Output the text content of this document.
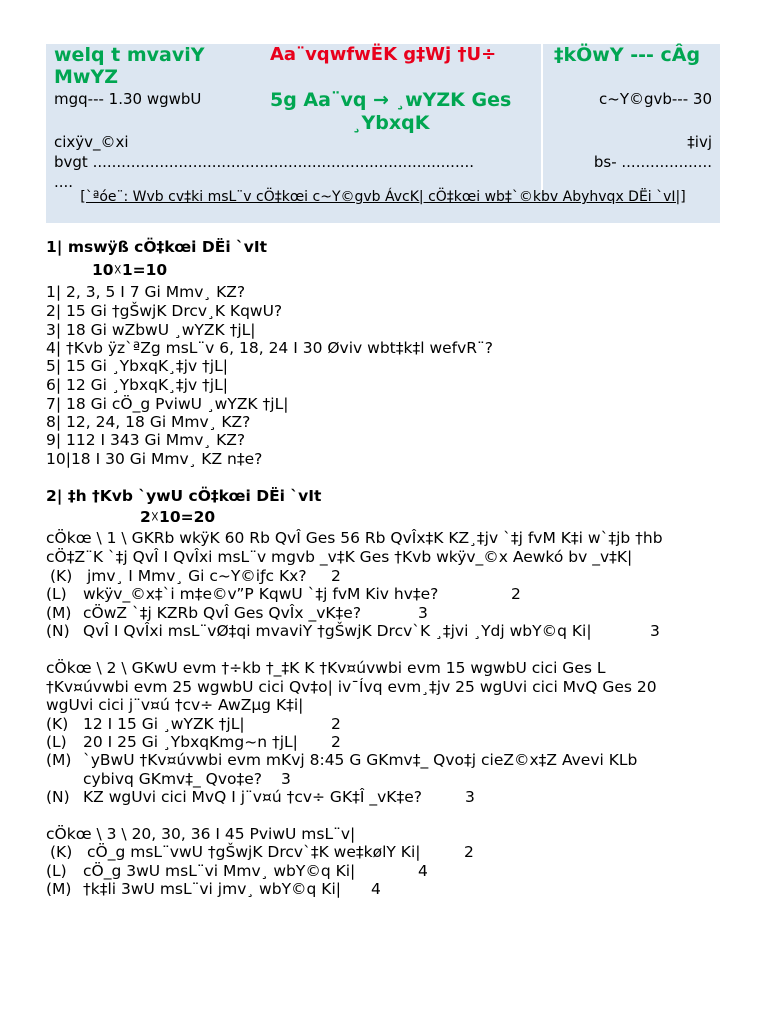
welq t mvaviY
MwYZ
Aa¨vqwfwËK g‡Wj †U÷	‡kÖwY --- cÂg
mgq--- 1.30 wgwbU	5g Aa¨vq → ¸wYZK Ges
¸YbxqK
c~Y©gvb--- 30
cixÿv_©xi	‡ivj
bvgt ................................................................................
....
bs- ...................
[`ªóe¨: Wvb cv‡ki msL¨v cÖ‡kœi c~Y©gvb ÁvcK| cÖ‡kœi wb‡`©kbv Abyhvqx DËi `vI|]
1| mswÿß cÖ‡kœi DËi `vIt
10☓1=10
1| 2, 3, 5 I 7 Gi Mmv¸ KZ?
2| 15 Gi †gŠwjK Drcv¸K KqwU?
3| 18 Gi wZbwU ¸wYZK †jL|
4| †Kvb ÿz`ªZg msL¨v 6, 18, 24 I 30 Øviv wbt‡k‡l wefvR¨?
5| 15 Gi ¸YbxqK¸‡jv †jL|
6| 12 Gi ¸YbxqK¸‡jv †jL|
7| 18 Gi cÖ_g PviwU ¸wYZK †jL|
8| 12, 24, 18 Gi Mmv¸ KZ?
9| 112 I 343 Gi Mmv¸ KZ?
10|18 I 30 Gi Mmv¸ KZ n‡e?
2| ‡h †Kvb `ywU cÖ‡kœi DËi `vIt
2☓10=20
cÖkœ \ 1 \ GKRb wkÿK 60 Rb QvÎ Ges 56 Rb QvÎx‡K KZ¸‡jv `‡j fvM K‡i w`‡jb †hb
cÖ‡Z¨K `‡j QvÎ I QvÎxi msL¨v mgvb _v‡K Ges †Kvb wkÿv_©x Aewkó bv _v‡K|
(K) jmv¸ I Mmv¸ Gi c~Y©iƒc Kx? 2
(L) wkÿv_©x‡`i m‡e©v”P KqwU `‡j fvM Kiv hv‡e?	2
(M) cÖwZ `‡j KZRb QvÎ Ges QvÎx _vK‡e?	3
(N) QvÎ I QvÎxi msL¨vØ‡qi mvaviY †gŠwjK Drcv`K ¸‡jvi ¸Ydj wbY©q Ki|	3
cÖkœ \ 2 \ GKwU evm †÷kb †_‡K K †Kv¤úvwbi evm 15 wgwbU cici Ges L
†Kv¤úvwbi evm 25 wgwbU cici Qv‡o| iv¯Ívq evm¸‡jv 25 wgUvi cici MvQ Ges 20
wgUvi cici j¨v¤ú †cv÷ AwZµg K‡i|
(K) 12 I 15 Gi ¸wYZK †jL|	2
(L) 20 I 25 Gi ¸YbxqKmg~n †jL| 2
(M) `yBwU †Kv¤úvwbi evm mKvj 8:45 G GKmv‡_ Qvo‡j cieZ©x‡Z Avevi KLb
cybivq GKmv‡_ Qvo‡e? 3
(N) KZ wgUvi cici MvQ I j¨v¤ú †cv÷ GK‡Î _vK‡e?	3
cÖkœ \ 3 \ 20, 30, 36 I 45 PviwU msL¨v|
(K) cÖ_g msL¨vwU †gŠwjK Drcv`‡K we‡kølY Ki|	2
(L) cÖ_g 3wU msL¨vi Mmv¸ wbY©q Ki|	4
(M) †k‡li 3wU msL¨vi jmv¸ wbY©q Ki| 4
